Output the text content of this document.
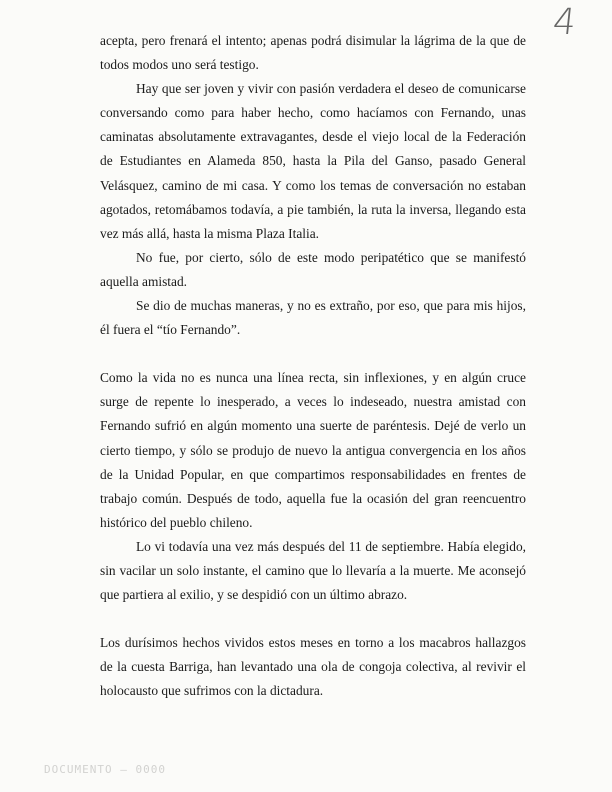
4

acepta, pero frenará el intento; apenas podrá disimular la lágrima de la que de todos modos uno será testigo.

Hay que ser joven y vivir con pasión verdadera el deseo de comunicarse conversando como para haber hecho, como hacíamos con Fernando, unas caminatas absolutamente extravagantes, desde el viejo local de la Federación de Estudiantes en Alameda 850, hasta la Pila del Ganso, pasado General Velásquez, camino de mi casa. Y como los temas de conversación no estaban agotados, retomábamos todavía, a pie también, la ruta la inversa, llegando esta vez más allá, hasta la misma Plaza Italia.

No fue, por cierto, sólo de este modo peripatético que se manifestó aquella amistad.

Se dio de muchas maneras, y no es extraño, por eso, que para mis hijos, él fuera el “tío Fernando”.

Como la vida no es nunca una línea recta, sin inflexiones, y en algún cruce surge de repente lo inesperado, a veces lo indeseado, nuestra amistad con Fernando sufrió en algún momento una suerte de paréntesis. Dejé de verlo un cierto tiempo, y sólo se produjo de nuevo la antigua convergencia en los años de la Unidad Popular, en que compartimos responsabilidades en frentes de trabajo común. Después de todo, aquella fue la ocasión del gran reencuentro histórico del pueblo chileno.

Lo vi todavía una vez más después del 11 de septiembre. Había elegido, sin vacilar un solo instante, el camino que lo llevaría a la muerte. Me aconsejó que partiera al exilio, y se despidió con un último abrazo.

Los durísimos hechos vividos estos meses en torno a los macabros hallazgos de la cuesta Barriga, han levantado una ola de congoja colectiva, al revivir el holocausto que sufrimos con la dictadura.

DOCUMENTO — 0000
